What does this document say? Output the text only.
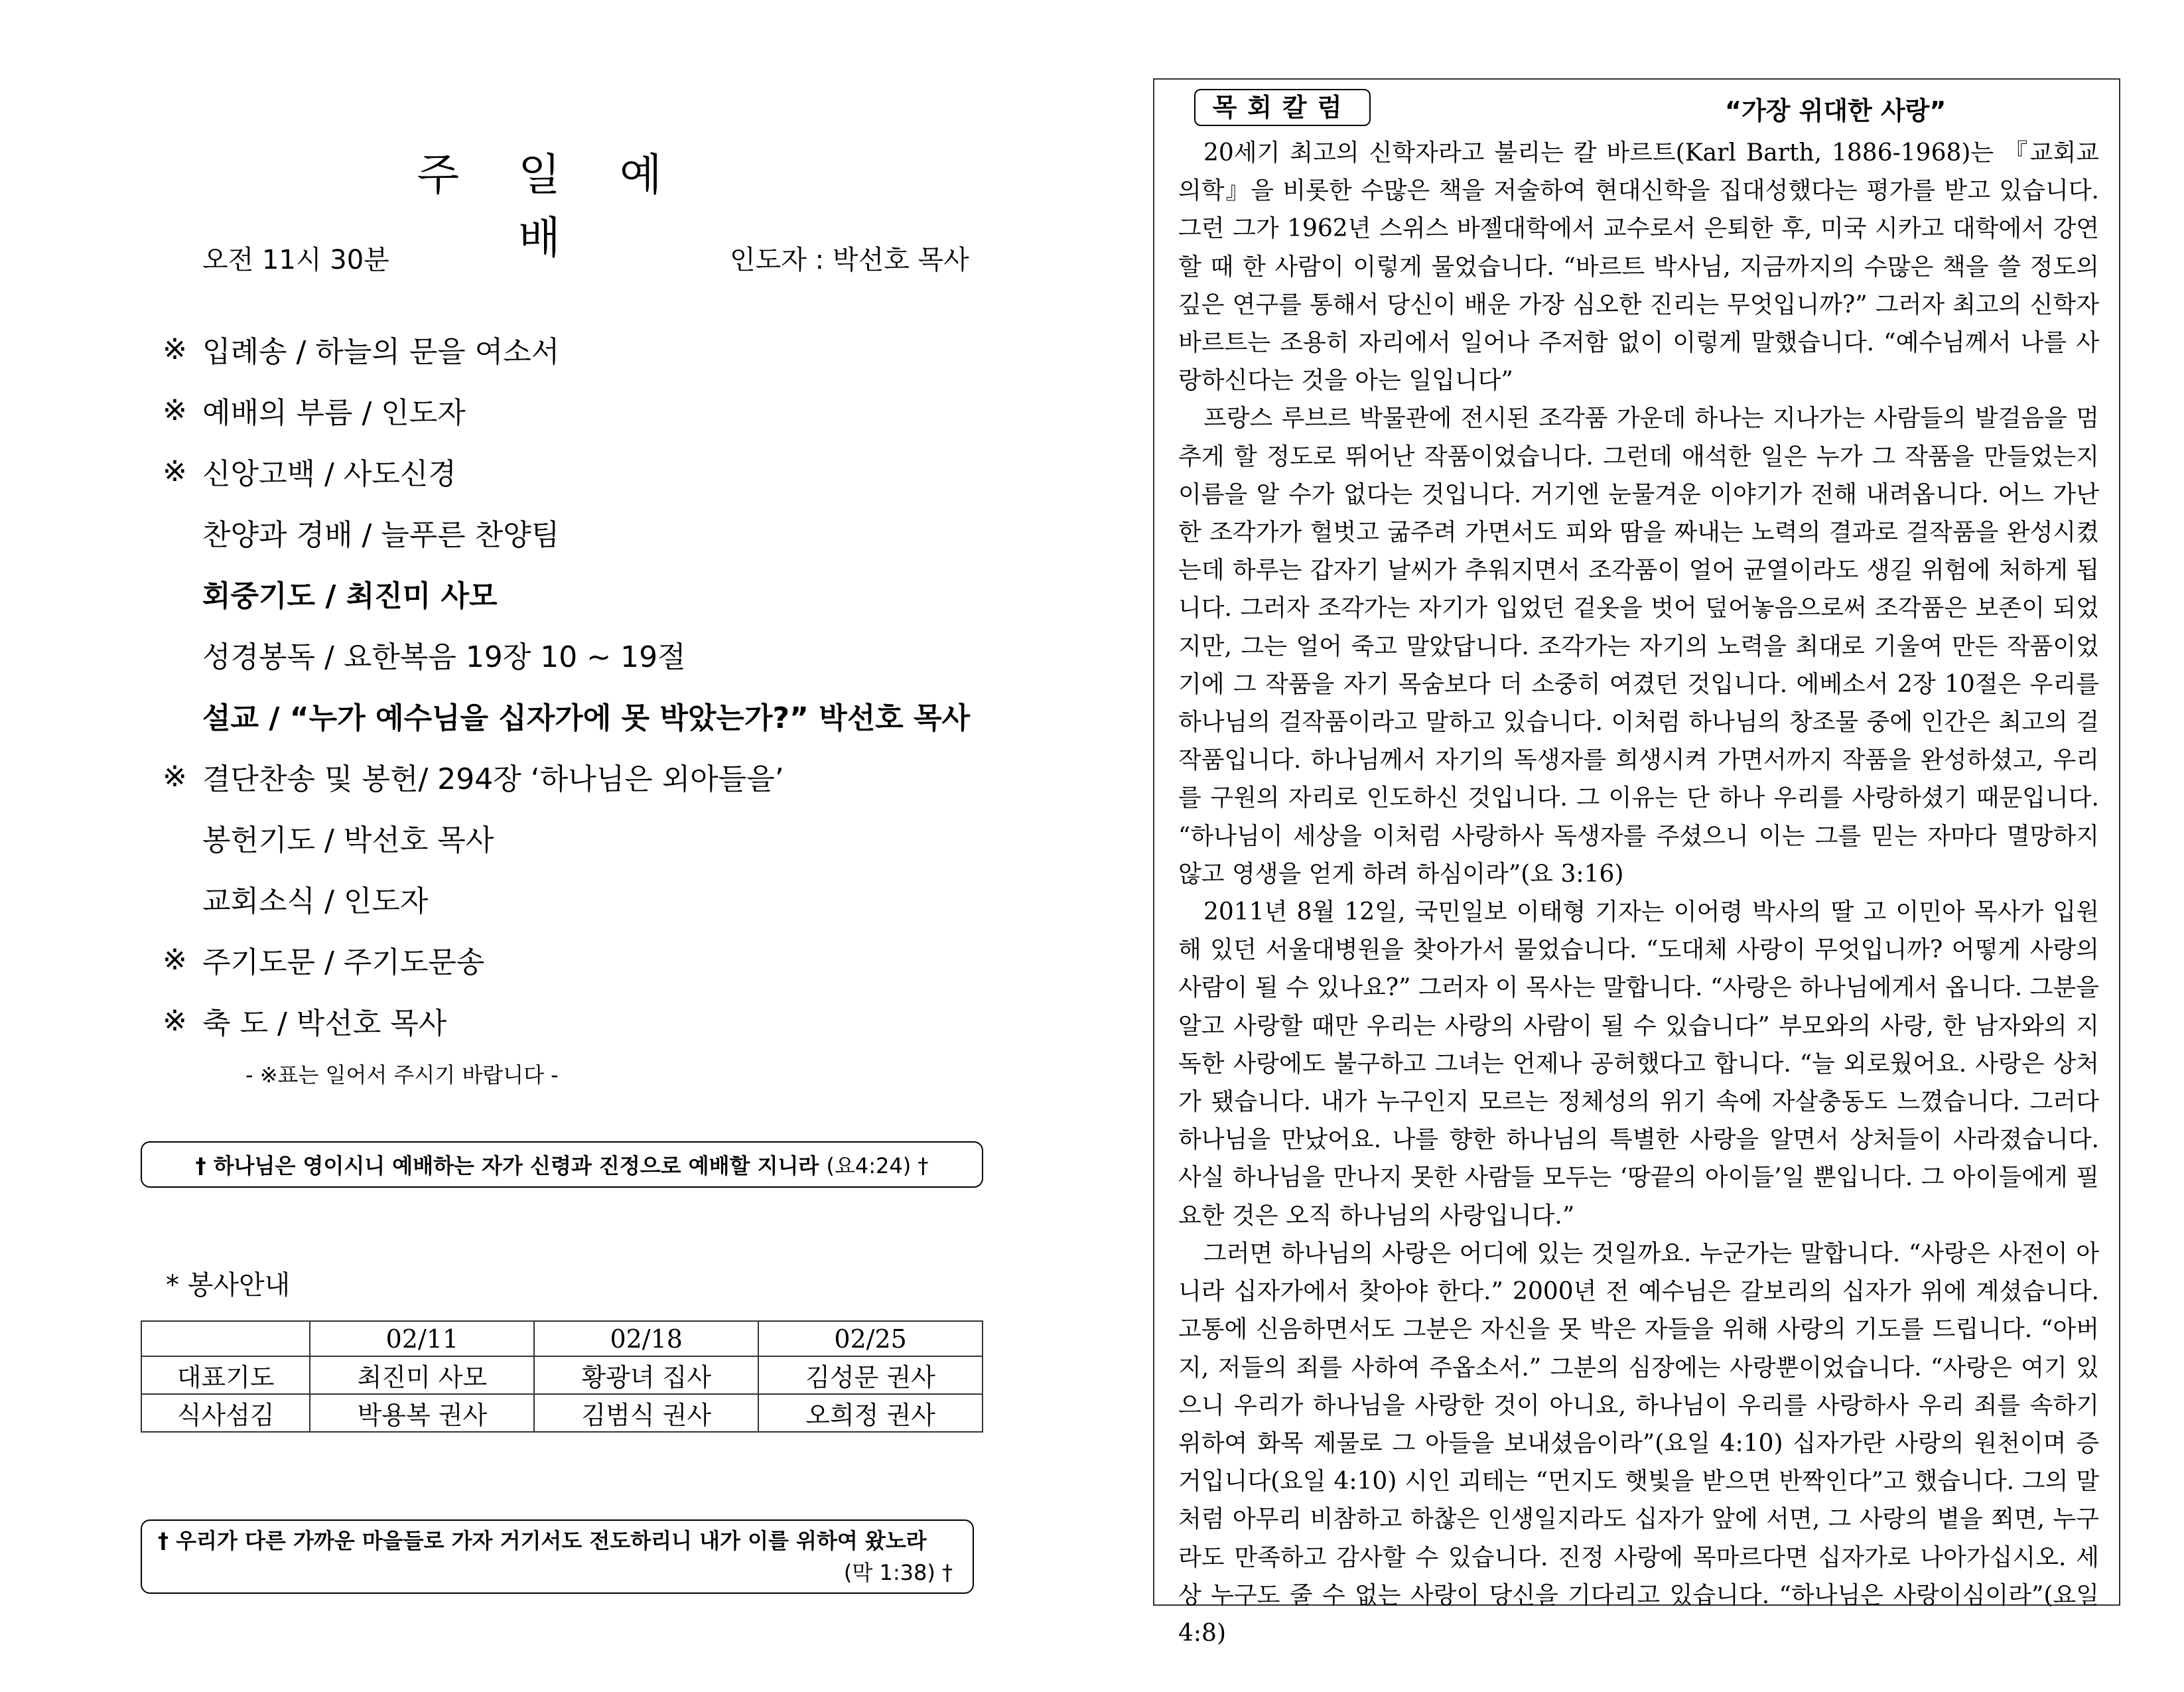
주 일 예 배
오전 11시 30분	인도자 : 박선호 목사
※ 입례송 / 하늘의 문을 여소서
※ 예배의 부름 / 인도자
※ 신앙고백 / 사도신경
찬양과 경배 / 늘푸른 찬양팀
회중기도 / 최진미 사모
성경봉독 / 요한복음 19장 10 ~ 19절
설교 / “누가 예수님을 십자가에 못 박았는가?” 박선호 목사
※ 결단찬송 및 봉헌/ 294장 ‘하나님은 외아들을’
봉헌기도 / 박선호 목사
교회소식 / 인도자
※ 주기도문 / 주기도문송
※ 축 도 / 박선호 목사
- ※표는 일어서 주시기 바랍니다 -
† 하나님은 영이시니 예배하는 자가 신령과 진정으로 예배할 지니라
(요4:24) †
* 봉사안내
	02/11	02/18	02/25
대표기도	최진미 사모	황광녀 집사	김성문 권사
식사섬김	박용복 권사	김범식 권사	오희정 권사
† 우리가 다른 가까운 마을들로 가자 거기서도 전도하리니 내가 이를 위하여 왔노라
(막 1:38) †
목회칼럼	“가장 위대한 사랑”

20세기 최고의 신학자라고 불리는 칼 바르트(Karl Barth, 1886-1968)는 『교회교의학』을 비롯한 수많은 책을 저술하여 현대신학을 집대성했다는 평가를 받고 있습니다. 그런 그가 1962년 스위스 바젤대학에서 교수로서 은퇴한 후, 미국 시카고 대학에서 강연할 때 한 사람이 이렇게 물었습니다. “바르트 박사님, 지금까지의 수많은 책을 쓸 정도의 깊은 연구를 통해서 당신이 배운 가장 심오한 진리는 무엇입니까?” 그러자 최고의 신학자 바르트는 조용히 자리에서 일어나 주저함 없이 이렇게 말했습니다. “예수님께서 나를 사랑하신다는 것을 아는 일입니다”

프랑스 루브르 박물관에 전시된 조각품 가운데 하나는 지나가는 사람들의 발걸음을 멈추게 할 정도로 뛰어난 작품이었습니다. 그런데 애석한 일은 누가 그 작품을 만들었는지 이름을 알 수가 없다는 것입니다. 거기엔 눈물겨운 이야기가 전해 내려옵니다. 어느 가난한 조각가가 헐벗고 굶주려 가면서도 피와 땀을 짜내는 노력의 결과로 걸작품을 완성시켰는데 하루는 갑자기 날씨가 추워지면서 조각품이 얼어 균열이라도 생길 위험에 처하게 됩니다. 그러자 조각가는 자기가 입었던 겉옷을 벗어 덮어놓음으로써 조각품은 보존이 되었지만, 그는 얼어 죽고 말았답니다. 조각가는 자기의 노력을 최대로 기울여 만든 작품이었기에 그 작품을 자기 목숨보다 더 소중히 여겼던 것입니다. 에베소서 2장 10절은 우리를 하나님의 걸작품이라고 말하고 있습니다. 이처럼 하나님의 창조물 중에 인간은 최고의 걸작품입니다. 하나님께서 자기의 독생자를 희생시켜 가면서까지 작품을 완성하셨고, 우리를 구원의 자리로 인도하신 것입니다. 그 이유는 단 하나 우리를 사랑하셨기 때문입니다. “하나님이 세상을 이처럼 사랑하사 독생자를 주셨으니 이는 그를 믿는 자마다 멸망하지 않고 영생을 얻게 하려 하심이라”(요 3:16)

2011년 8월 12일, 국민일보 이태형 기자는 이어령 박사의 딸 고 이민아 목사가 입원해 있던 서울대병원을 찾아가서 물었습니다. “도대체 사랑이 무엇입니까? 어떻게 사랑의 사람이 될 수 있나요?” 그러자 이 목사는 말합니다. “사랑은 하나님에게서 옵니다. 그분을 알고 사랑할 때만 우리는 사랑의 사람이 될 수 있습니다” 부모와의 사랑, 한 남자와의 지독한 사랑에도 불구하고 그녀는 언제나 공허했다고 합니다. “늘 외로웠어요. 사랑은 상처가 됐습니다. 내가 누구인지 모르는 정체성의 위기 속에 자살충동도 느꼈습니다. 그러다 하나님을 만났어요. 나를 향한 하나님의 특별한 사랑을 알면서 상처들이 사라졌습니다. 사실 하나님을 만나지 못한 사람들 모두는 ‘땅끝의 아이들’일 뿐입니다. 그 아이들에게 필요한 것은 오직 하나님의 사랑입니다.”

그러면 하나님의 사랑은 어디에 있는 것일까요. 누군가는 말합니다. “사랑은 사전이 아니라 십자가에서 찾아야 한다.” 2000년 전 예수님은 갈보리의 십자가 위에 계셨습니다. 고통에 신음하면서도 그분은 자신을 못 박은 자들을 위해 사랑의 기도를 드립니다. “아버지, 저들의 죄를 사하여 주옵소서.” 그분의 심장에는 사랑뿐이었습니다. “사랑은 여기 있으니 우리가 하나님을 사랑한 것이 아니요, 하나님이 우리를 사랑하사 우리 죄를 속하기 위하여 화목 제물로 그 아들을 보내셨음이라”(요일 4:10) 십자가란 사랑의 원천이며 증거입니다(요일 4:10) 시인 괴테는 “먼지도 햇빛을 받으면 반짝인다”고 했습니다. 그의 말처럼 아무리 비참하고 하찮은 인생일지라도 십자가 앞에 서면, 그 사랑의 볕을 쬐면, 누구라도 만족하고 감사할 수 있습니다. 진정 사랑에 목마르다면 십자가로 나아가십시오. 세상 누구도 줄 수 없는 사랑이 당신을 기다리고 있습니다. “하나님은 사랑이심이라”(요일4:8)
